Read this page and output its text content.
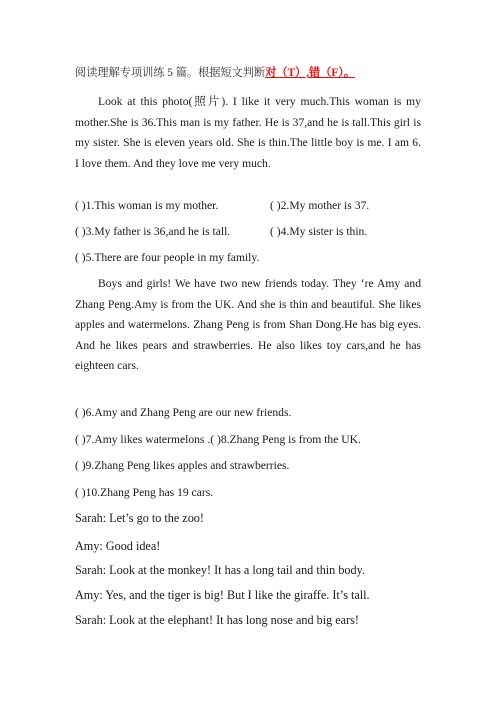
阅读理解专项训练 5 篇。根据短文判断对（T）,错（F）。
Look at this photo(照片). I like it very much.This woman is my mother.She is 36.This man is my father. He is 37,and he is tall.This girl is my sister. She is eleven years old. She is thin.The little boy is me. I am 6. I love them. And they love me very much.
( )1.This woman is my mother.	( )2.My mother is 37.
( )3.My father is 36,and he is tall.	( )4.My sister is thin.
( )5.There are four people in my family.
Boys and girls! We have two new friends today. They ‘re Amy and Zhang Peng.Amy is from the UK. And she is thin and beautiful. She likes apples and watermelons. Zhang Peng is from Shan Dong.He has big eyes. And he likes pears and strawberries. He also likes toy cars,and he has eighteen cars.
( )6.Amy and Zhang Peng are our new friends.
( )7.Amy likes watermelons .( )8.Zhang Peng is from the UK.
( )9.Zhang Peng likes apples and strawberries.
( )10.Zhang Peng has 19 cars.
Sarah: Let’s go to the zoo!
Amy: Good idea!
Sarah: Look at the monkey! It has a long tail and thin body.
Amy: Yes, and the tiger is big! But I like the giraffe. It’s tall.
Sarah: Look at the elephant! It has long nose and big ears!
